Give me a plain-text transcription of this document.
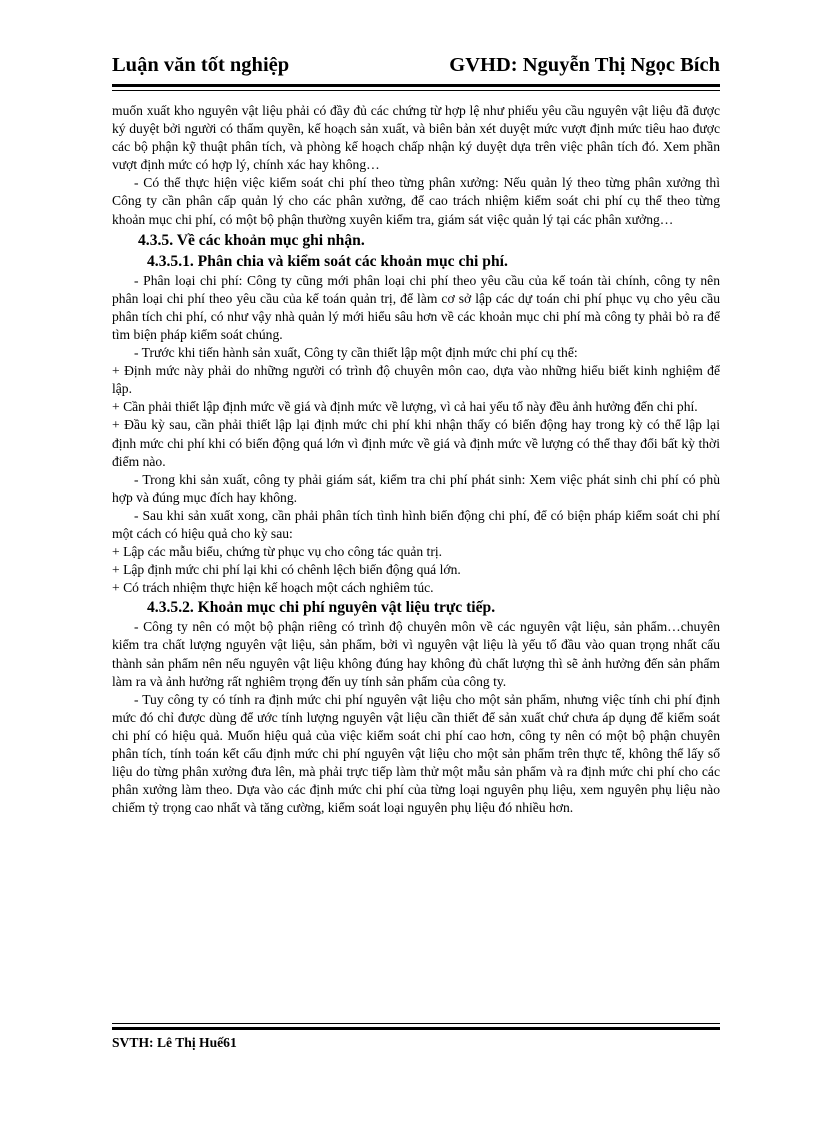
Luận văn tốt nghiệp	GVHD: Nguyễn Thị Ngọc Bích

muốn xuất kho nguyên vật liệu phải có đầy đủ các chứng từ hợp lệ như phiếu yêu cầu nguyên vật liệu đã được ký duyệt bởi người có thẩm quyền, kế hoạch sản xuất, và biên bản xét duyệt mức vượt định mức tiêu hao được các bộ phận kỹ thuật phân tích, và phòng kế hoạch chấp nhận ký duyệt dựa trên việc phân tích đó. Xem phần vượt định mức có hợp lý, chính xác hay không…

- Có thể thực hiện việc kiểm soát chi phí theo từng phân xưởng: Nếu quản lý theo từng phân xưởng thì Công ty cần phân cấp quản lý cho các phân xưởng, để cao trách nhiệm kiểm soát chi phí cụ thể theo từng khoản mục chi phí, có một bộ phận thường xuyên kiểm tra, giám sát việc quản lý tại các phân xưởng…

4.3.5. Về các khoản mục ghi nhận.

4.3.5.1. Phân chia và kiểm soát các khoản mục chi phí.

- Phân loại chi phí: Công ty cũng mới phân loại chi phí theo yêu cầu của kế toán tài chính, công ty nên phân loại chi phí theo yêu cầu của kế toán quản trị, để làm cơ sở lập các dự toán chi phí phục vụ cho yêu cầu phân tích chi phí, có như vậy nhà quản lý mới hiểu sâu hơn về các khoản mục chi phí mà công ty phải bỏ ra để tìm biện pháp kiểm soát chúng.

- Trước khi tiến hành sản xuất, Công ty cần thiết lập một định mức chi phí cụ thể:

+ Định mức này phải do những người có trình độ chuyên môn cao, dựa vào những hiểu biết kinh nghiệm để lập.

+ Cần phải thiết lập định mức về giá và định mức về lượng, vì cả hai yếu tố này đều ảnh hưởng đến chi phí.

+ Đầu kỳ sau, cần phải thiết lập lại định mức chi phí khi nhận thấy có biến động hay trong kỳ có thể lập lại định mức chi phí khi có biến động quá lớn vì định mức về giá và định mức về lượng có thể thay đổi bất kỳ thời điểm nào.

- Trong khi sản xuất, công ty phải giám sát, kiểm tra chi phí phát sinh: Xem việc phát sinh chi phí có phù hợp và đúng mục đích hay không.

- Sau khi sản xuất xong, cần phải phân tích tình hình biến động chi phí, để có biện pháp kiểm soát chi phí một cách có hiệu quả cho kỳ sau:

+ Lập các mẫu biểu, chứng từ phục vụ cho công tác quản trị.

+ Lập định mức chi phí lại khi có chênh lệch biến động quá lớn.

+ Có trách nhiệm thực hiện kế hoạch một cách nghiêm túc.

4.3.5.2. Khoản mục chi phí nguyên vật liệu trực tiếp.

- Công ty nên có một bộ phận riêng có trình độ chuyên môn về các nguyên vật liệu, sản phẩm…chuyên kiểm tra chất lượng nguyên vật liệu, sản phẩm, bởi vì nguyên vật liệu là yếu tố đầu vào quan trọng nhất cấu thành sản phẩm nên nếu nguyên vật liệu không đúng hay không đủ chất lượng thì sẽ ảnh hưởng đến sản phẩm làm ra và ảnh hưởng rất nghiêm trọng đến uy tính sản phẩm của công ty.

- Tuy công ty có tính ra định mức chi phí nguyên vật liệu cho một sản phẩm, nhưng việc tính chi phí định mức đó chỉ được dùng để ước tính lượng nguyên vật liệu cần thiết để sản xuất chứ chưa áp dụng để kiểm soát chi phí có hiệu quả. Muốn hiệu quả của việc kiểm soát chi phí cao hơn, công ty nên có một bộ phận chuyên phân tích, tính toán kết cấu định mức chi phí nguyên vật liệu cho một sản phẩm trên thực tế, không thể lấy số liệu do từng phân xưởng đưa lên, mà phải trực tiếp làm thử một mẫu sản phẩm và ra định mức chi phí cho các phân xưởng làm theo. Dựa vào các định mức chi phí của từng loại nguyên phụ liệu, xem nguyên phụ liệu nào chiếm tỷ trọng cao nhất và tăng cường, kiểm soát loại nguyên phụ liệu đó nhiều hơn.

SVTH: Lê Thị Huế61
